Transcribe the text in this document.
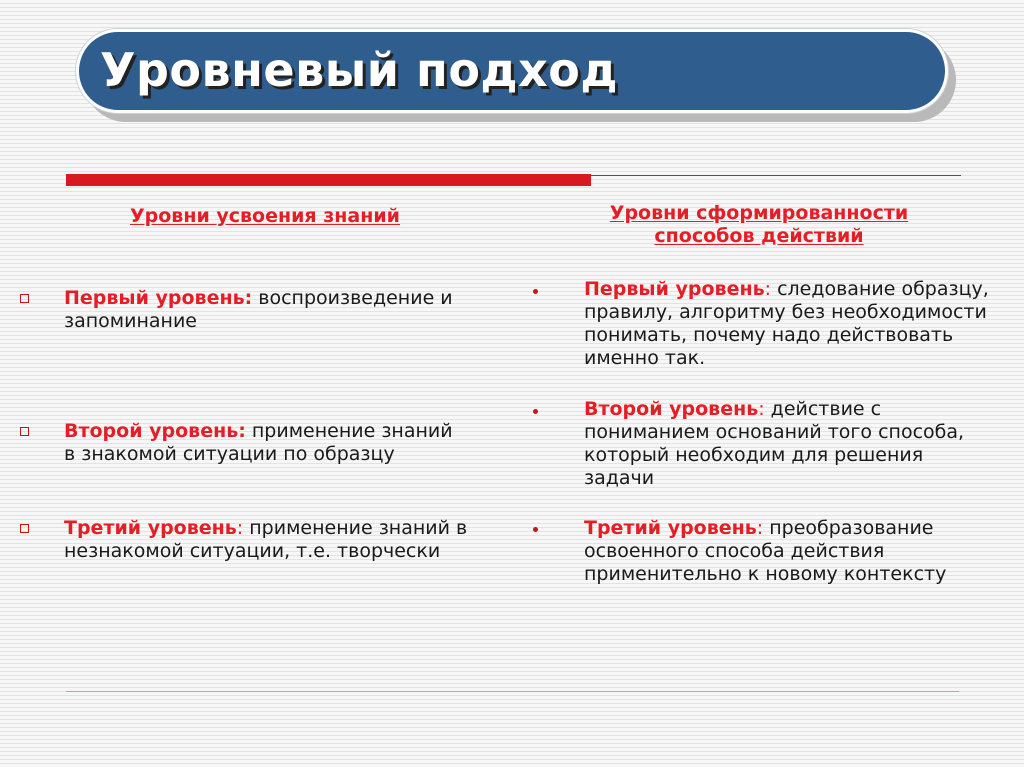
Уровневый подход
Уровни усвоения знаний	Уровни сформированности
способов действий
Первый уровень: воспроизведение и запоминание
Второй уровень: применение знаний в знакомой ситуации по образцу
Третий уровень: применение знаний в незнакомой ситуации, т.е. творчески
Первый уровень: следование образцу, правилу, алгоритму без необходимости понимать, почему надо действовать именно так.
Второй уровень: действие с пониманием оснований того способа, который необходим для решения задачи
Третий уровень: преобразование освоенного способа действия применительно к новому контексту
